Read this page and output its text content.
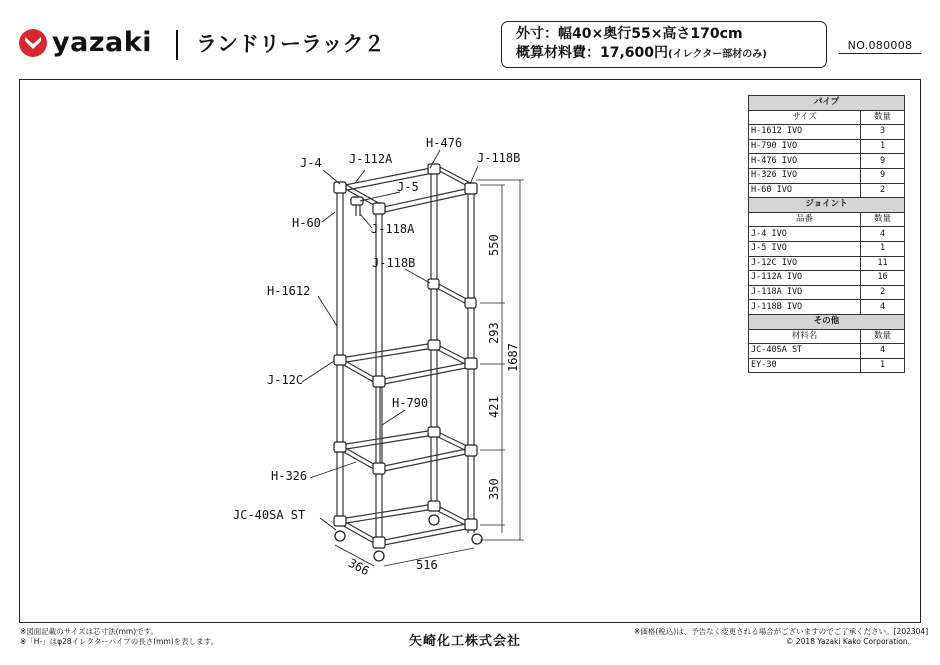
yazaki ランドリーラック２	外寸：幅40×奥行55×高さ170cm
概算材料費：17,600円(イレクター部材のみ)
NO.080008
パイプ	
サイズ	数量
H-1612 IVO	3
H-790 IVO	1
H-476 IVO	9
H-326 IVO	9
H-60 IVO	2
ジョイント	
品番	数量
J-4 IVO	4
J-5 IVO	1
J-12C IVO	11
J-112A IVO	16
J-118A IVO	2
J-118B IVO	4
その他	
材料名	数量
JC-40SA ST	4
EY-30	1
J-4 J-112A
H-476
J-118B
J-5
H-60	J-118A
J-118B
H-1612
J-12C
H-790
H-326
JC-40SA ST
550
293
421
350
1687
366	516
※図面記載のサイズは芯寸法(mm)です。
※「H-」はφ28イレクターパイプの長さ(mm)を表します。	矢崎化工株式会社
※価格(税込)は、予告なく変更される場合がございますのでご了承ください。[202304]
© 2018 Yazaki Kako Corporation.
